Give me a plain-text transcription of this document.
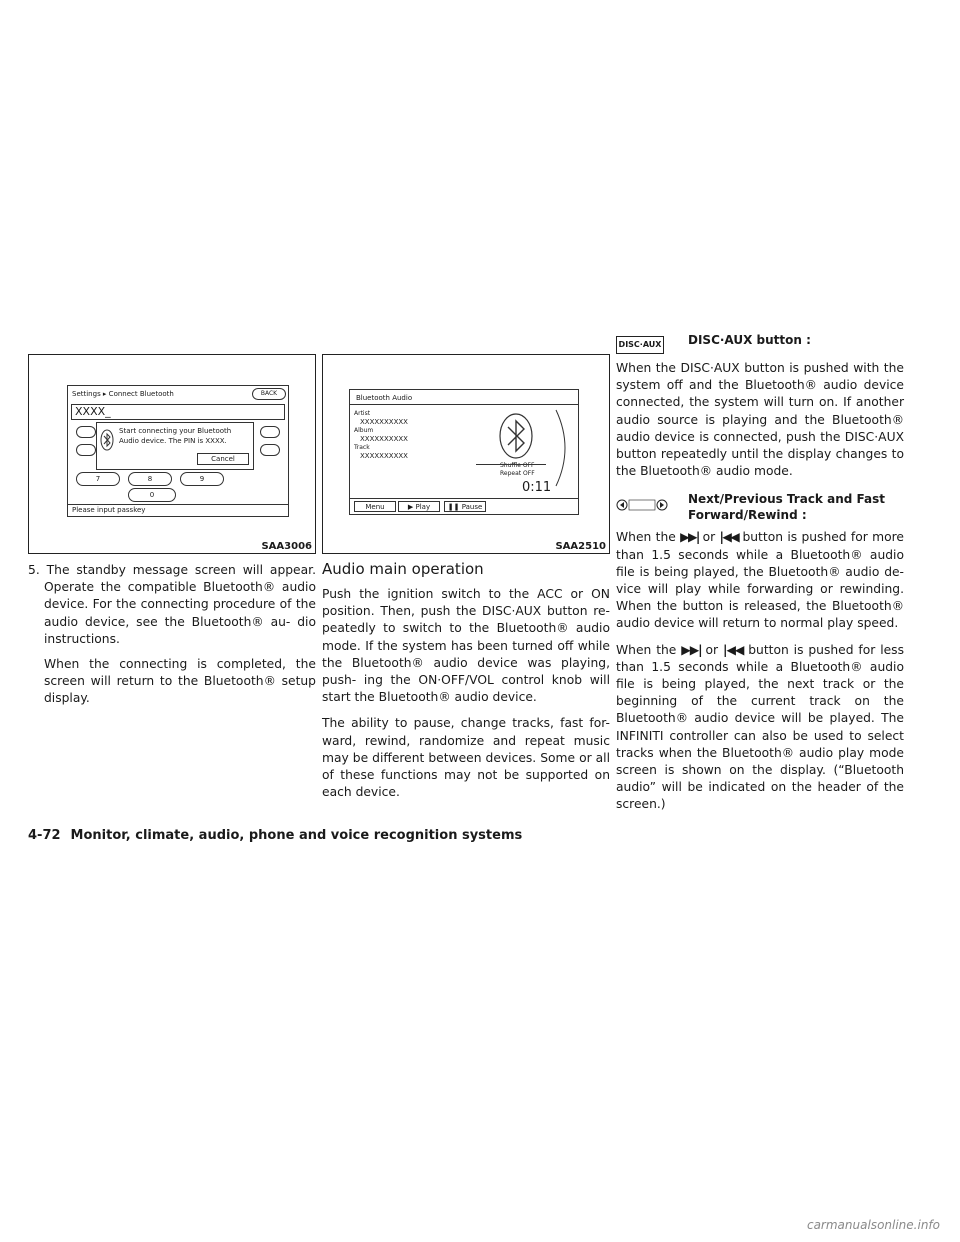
Settings ▸ Connect Bluetooth	BACK
XXXX_
Start connecting your Bluetooth
Audio device. The PIN is XXXX.
Cancel
7	8	9
0
Please input passkey
SAA3006
5. The standby message screen will appear. Operate the compatible Bluetooth® audio device. For the connecting procedure of the audio device, see the Bluetooth® au- dio instructions.

When the connecting is completed, the screen will return to the Bluetooth® setup display.

Bluetooth Audio
Artist
XXXXXXXXXX
Album
XXXXXXXXXX
Track
XXXXXXXXXX
Shuffle OFF
Repeat OFF
0:11
Menu	▶ Play	❚❚ Pause
SAA2510
Audio main operation

Push the ignition switch to the ACC or ON position. Then, push the DISC·AUX button re- peatedly to switch to the Bluetooth® audio mode. If the system has been turned off while the Bluetooth® audio device was playing, push- ing the ON·OFF/VOL control knob will start the Bluetooth® audio device.

The ability to pause, change tracks, fast for- ward, rewind, randomize and repeat music may be different between devices. Some or all of these functions may not be supported on each device.

DISC·AUX DISC·AUX button :

When the DISC·AUX button is pushed with the system off and the Bluetooth® audio device connected, the system will turn on. If another audio source is playing and the Bluetooth® audio device is connected, push the DISC·AUX button repeatedly until the display changes to the Bluetooth® audio mode.

Next/Previous Track and Fast Forward/Rewind :

When the ▶▶| or |◀◀ button is pushed for more than 1.5 seconds while a Bluetooth® audio file is being played, the Bluetooth® audio de- vice will play while forwarding or rewinding. When the button is released, the Bluetooth® audio device will return to normal play speed.

When the ▶▶| or |◀◀ button is pushed for less than 1.5 seconds while a Bluetooth® audio file is being played, the next track or the beginning of the current track on the Bluetooth® audio device will be played. The INFINITI controller can also be used to select tracks when the Bluetooth® audio play mode screen is shown on the display. (“Bluetooth audio” will be indicated on the header of the screen.)

4-72 Monitor, climate, audio, phone and voice recognition systems
carmanualsonline.info
